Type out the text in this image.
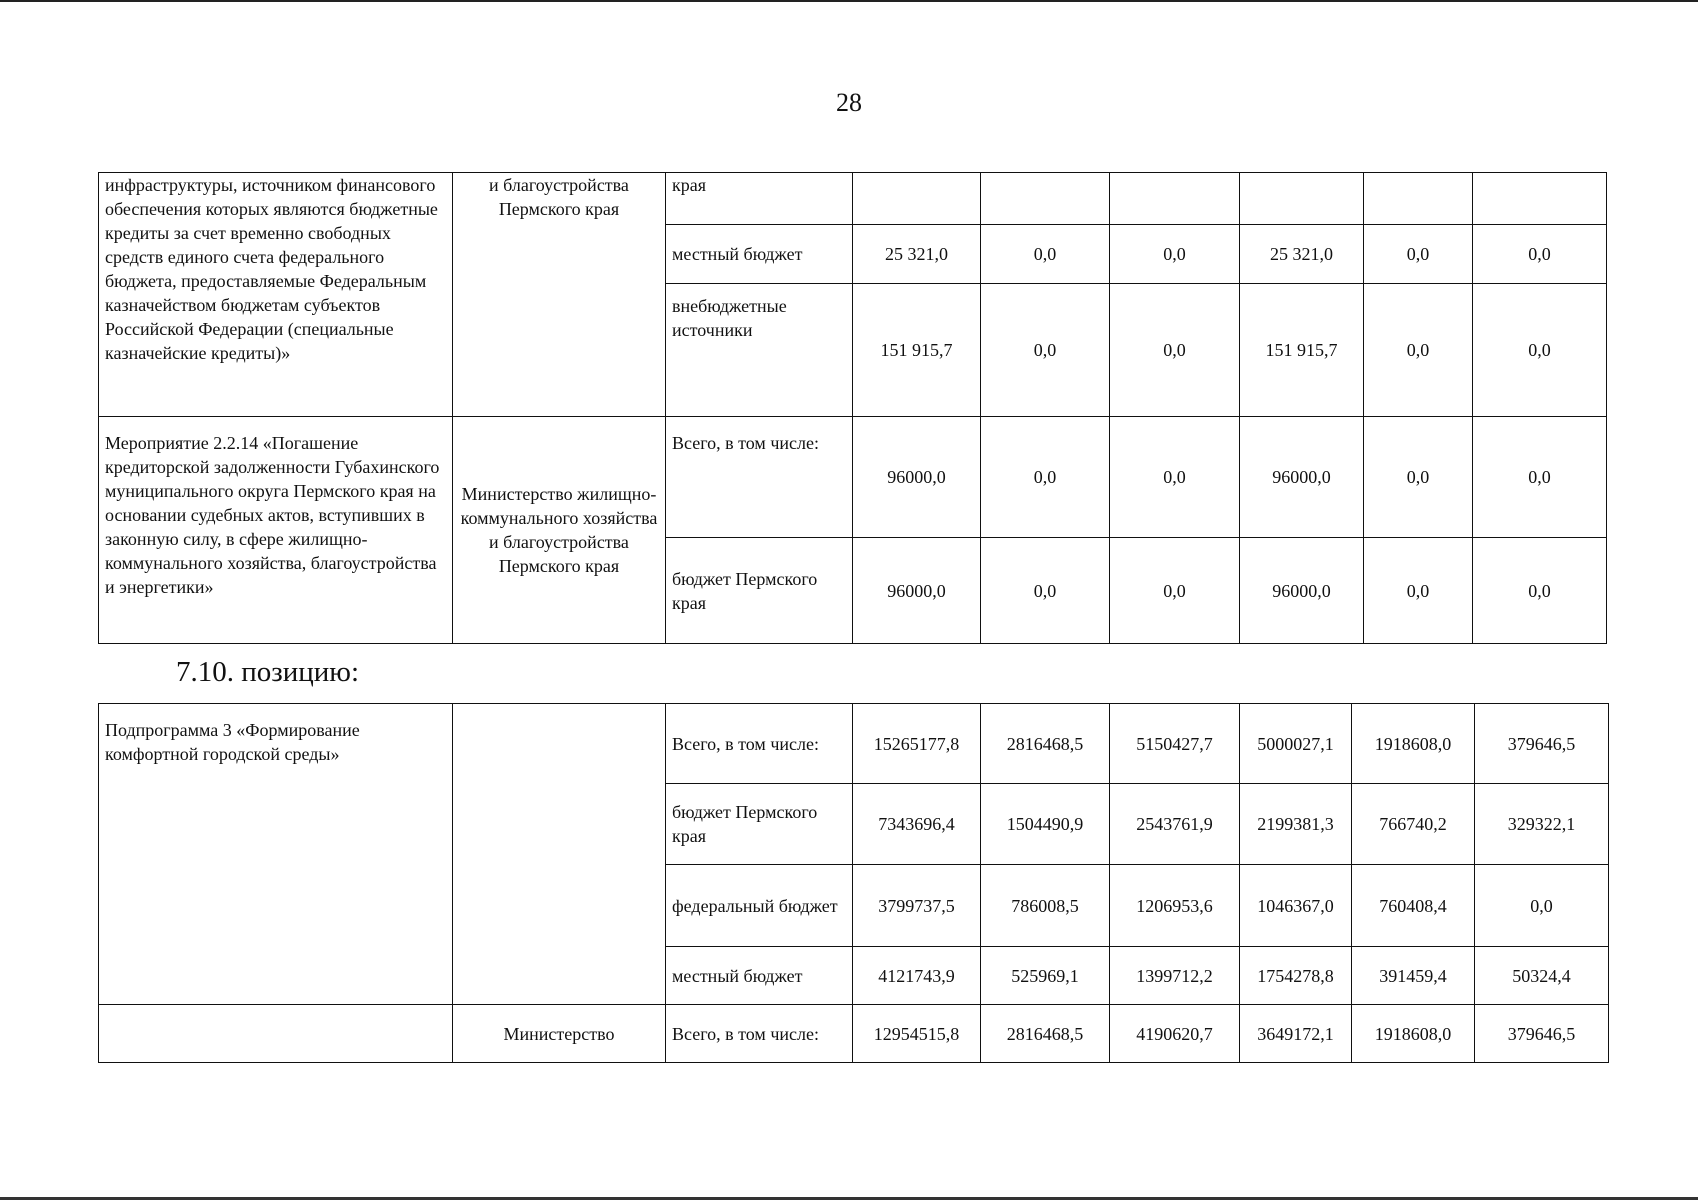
28
инфраструктуры, источником финансового обеспечения которых являются бюджетные кредиты за счет временно свободных средств единого счета федерального бюджета, предоставляемые Федеральным казначейством бюджетам субъектов Российской Федерации (специальные казначейские кредиты)»	и благоустройства Пермского края	края						
		местный бюджет	25 321,0	0,0	0,0	25 321,0	0,0	0,0
		внебюджетные источники	151 915,7	0,0	0,0	151 915,7	0,0	0,0
Мероприятие 2.2.14 «Погашение кредиторской задолженности Губахинского муниципального округа Пермского края на основании судебных актов, вступивших в законную силу, в сфере жилищно-коммунального хозяйства, благоустройства и энергетики»	Министерство жилищно-коммунального хозяйства и благоустройства Пермского края	Всего, в том числе:	96000,0	0,0	0,0	96000,0	0,0	0,0
		бюджет Пермского края	96000,0	0,0	0,0	96000,0	0,0	0,0
7.10. позицию:
Подпрограмма 3 «Формирование комфортной городской среды»		Всего, в том числе:	15265177,8	2816468,5	5150427,7	5000027,1	1918608,0	379646,5
		бюджет Пермского края	7343696,4	1504490,9	2543761,9	2199381,3	766740,2	329322,1
		федеральный бюджет	3799737,5	786008,5	1206953,6	1046367,0	760408,4	0,0
		местный бюджет	4121743,9	525969,1	1399712,2	1754278,8	391459,4	50324,4
	Министерство	Всего, в том числе:	12954515,8	2816468,5	4190620,7	3649172,1	1918608,0	379646,5
